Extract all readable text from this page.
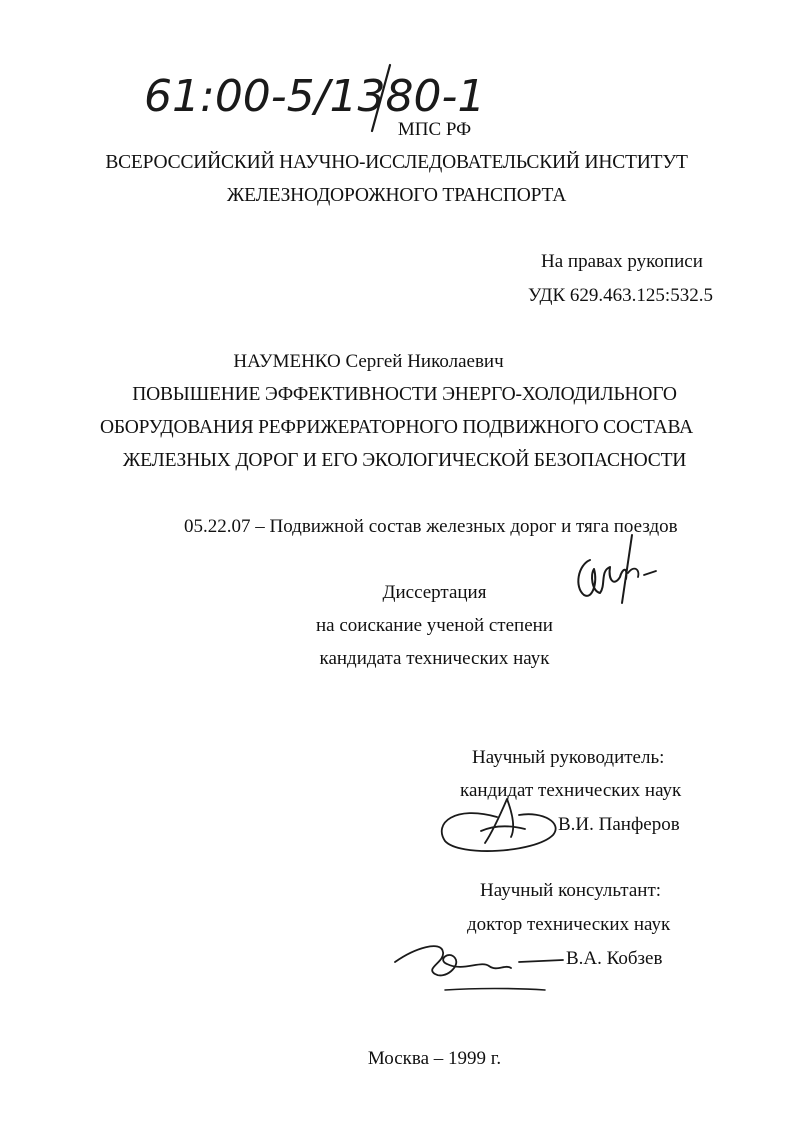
61:00-5/1380-1
МПС РФ
ВСЕРОССИЙСКИЙ НАУЧНО-ИССЛЕДОВАТЕЛЬСКИЙ ИНСТИТУТ
ЖЕЛЕЗНОДОРОЖНОГО ТРАНСПОРТА
На правах рукописи
УДК 629.463.125:532.5
НАУМЕНКО Сергей Николаевич
ПОВЫШЕНИЕ ЭФФЕКТИВНОСТИ ЭНЕРГО-ХОЛОДИЛЬНОГО
ОБОРУДОВАНИЯ РЕФРИЖЕРАТОРНОГО ПОДВИЖНОГО СОСТАВА
ЖЕЛЕЗНЫХ ДОРОГ И ЕГО ЭКОЛОГИЧЕСКОЙ БЕЗОПАСНОСТИ
05.22.07 – Подвижной состав железных дорог и тяга поездов
Диссертация
на соискание ученой степени
кандидата технических наук
Научный руководитель:
кандидат технических наук
В.И. Панферов
Научный консультант:
доктор технических наук
В.А. Кобзев
Москва – 1999 г.
